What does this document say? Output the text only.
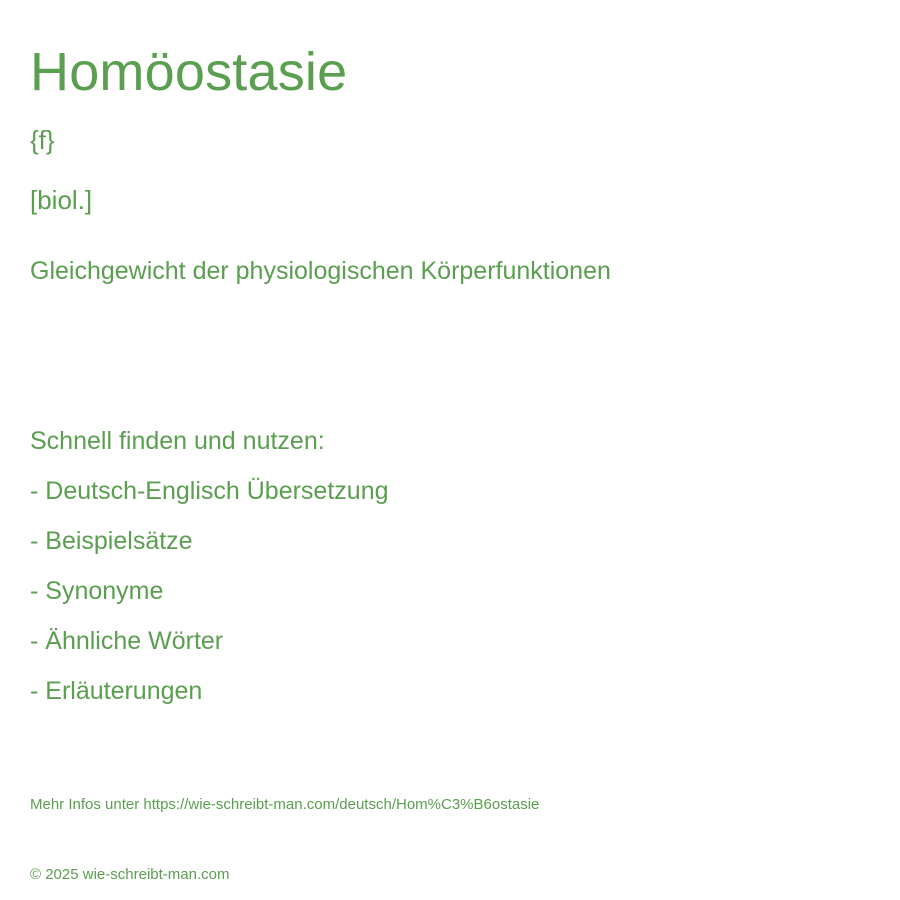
Homöostasie
{f}
[biol.]
Gleichgewicht der physiologischen Körperfunktionen
Schnell finden und nutzen:
- Deutsch-Englisch Übersetzung
- Beispielsätze
- Synonyme
- Ähnliche Wörter
- Erläuterungen
Mehr Infos unter https://wie-schreibt-man.com/deutsch/Hom%C3%B6ostasie
© 2025 wie-schreibt-man.com
